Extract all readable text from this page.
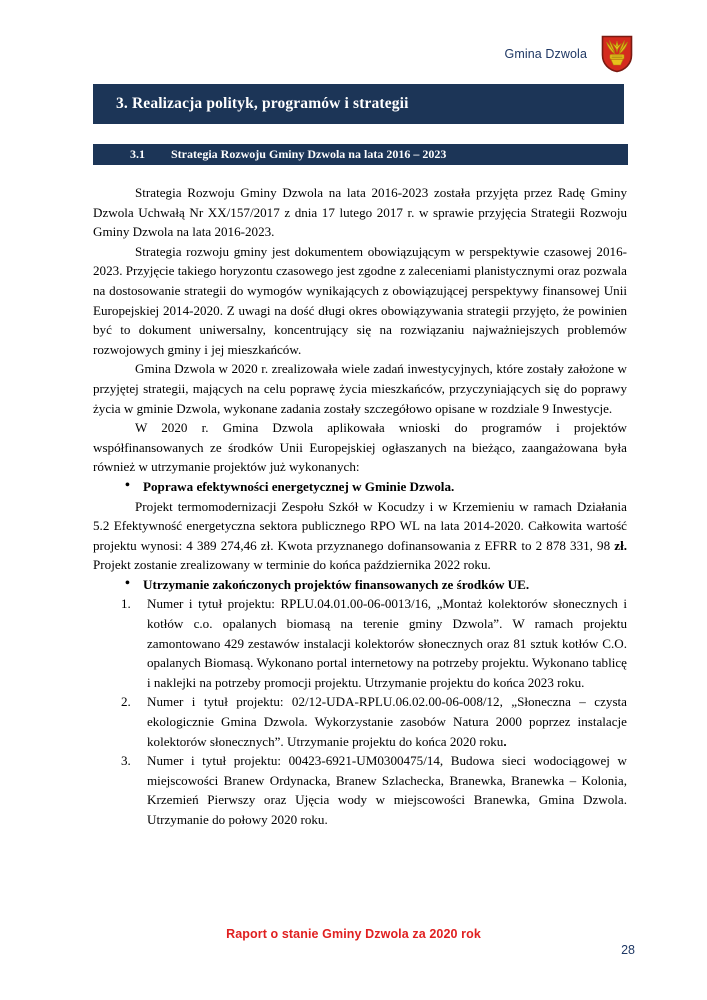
Gmina Dzwola
3. Realizacja polityk, programów i strategii
3.1 Strategia Rozwoju Gminy Dzwola na lata 2016 – 2023

Strategia Rozwoju Gminy Dzwola na lata 2016-2023 została przyjęta przez Radę Gminy Dzwola Uchwałą Nr XX/157/2017 z dnia 17 lutego 2017 r. w sprawie przyjęcia Strategii Rozwoju Gminy Dzwola na lata 2016-2023.

Strategia rozwoju gminy jest dokumentem obowiązującym w perspektywie czasowej 2016-2023. Przyjęcie takiego horyzontu czasowego jest zgodne z zaleceniami planistycznymi oraz pozwala na dostosowanie strategii do wymogów wynikających z obowiązującej perspektywy finansowej Unii Europejskiej 2014-2020. Z uwagi na dość długi okres obowiązywania strategii przyjęto, że powinien być to dokument uniwersalny, koncentrujący się na rozwiązaniu najważniejszych problemów rozwojowych gminy i jej mieszkańców.

Gmina Dzwola w 2020 r. zrealizowała wiele zadań inwestycyjnych, które zostały założone w przyjętej strategii, mających na celu poprawę życia mieszkańców, przyczyniających się do poprawy życia w gminie Dzwola, wykonane zadania zostały szczegółowo opisane w rozdziale 9 Inwestycje.

W 2020 r. Gmina Dzwola aplikowała wnioski do programów i projektów współfinansowanych ze środków Unii Europejskiej ogłaszanych na bieżąco, zaangażowana była również w utrzymanie projektów już wykonanych:

• Poprawa efektywności energetycznej w Gminie Dzwola.

Projekt termomodernizacji Zespołu Szkół w Kocudzy i w Krzemieniu w ramach Działania 5.2 Efektywność energetyczna sektora publicznego RPO WL na lata 2014-2020. Całkowita wartość projektu wynosi: 4 389 274,46 zł. Kwota przyznanego dofinansowania z EFRR to 2 878 331, 98 zł. Projekt zostanie zrealizowany w terminie do końca października 2022 roku.

• Utrzymanie zakończonych projektów finansowanych ze środków UE.
Numer i tytuł projektu: RPLU.04.01.00-06-0013/16, „Montaż kolektorów słonecznych i kotłów c.o. opalanych biomasą na terenie gminy Dzwola”. W ramach projektu zamontowano 429 zestawów instalacji kolektorów słonecznych oraz 81 sztuk kotłów C.O. opalanych Biomasą. Wykonano portal internetowy na potrzeby projektu. Wykonano tablicę i naklejki na potrzeby promocji projektu. Utrzymanie projektu do końca 2023 roku.
Numer i tytuł projektu: 02/12-UDA-RPLU.06.02.00-06-008/12, „Słoneczna – czysta ekologicznie Gmina Dzwola. Wykorzystanie zasobów Natura 2000 poprzez instalacje kolektorów słonecznych”. Utrzymanie projektu do końca 2020 roku.
Numer i tytuł projektu: 00423-6921-UM0300475/14, Budowa sieci wodociągowej w miejscowości Branew Ordynacka, Branew Szlachecka, Branewka, Branewka – Kolonia, Krzemień Pierwszy oraz Ujęcia wody w miejscowości Branewka, Gmina Dzwola. Utrzymanie do połowy 2020 roku.
Raport o stanie Gminy Dzwola za 2020 rok
28
